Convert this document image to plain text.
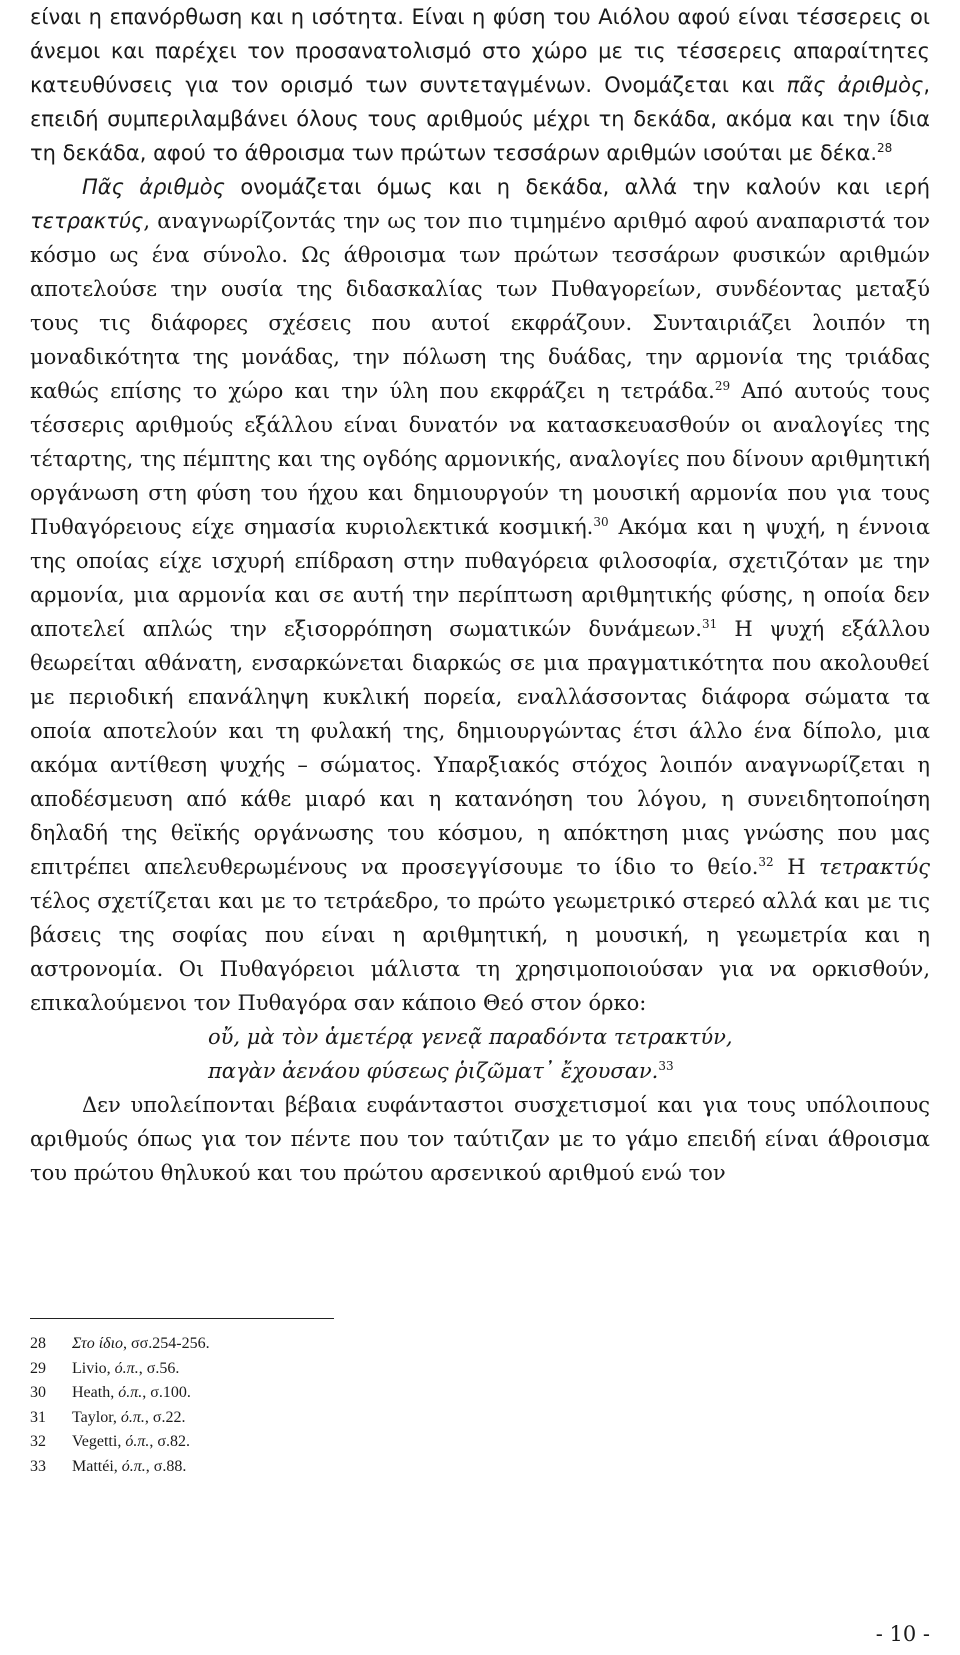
είναι η επανόρθωση και η ισότητα. Είναι η φύση του Αιόλου αφού είναι τέσσερεις οι άνεμοι και παρέχει τον προσανατολισμό στο χώρο με τις τέσσερεις απαραίτητες κατευθύνσεις για τον ορισμό των συντεταγμένων. Ονομάζεται και πᾶς ἀριθμὸς, επειδή συμπεριλαμβάνει όλους τους αριθμούς μέχρι τη δεκάδα, ακόμα και την ίδια τη δεκάδα, αφού το άθροισμα των πρώτων τεσσάρων αριθμών ισούται με δέκα.$^{28}$

Πᾶς ἀριθμὸς ονομάζεται όμως και η δεκάδα, αλλά την καλούν και ιερή τετρακτύς, αναγνωρίζοντάς την ως τον πιο τιμημένο αριθμό αφού αναπαριστά τον κόσμο ως ένα σύνολο. Ως άθροισμα των πρώτων τεσσάρων φυσικών αριθμών αποτελούσε την ουσία της διδασκαλίας των Πυθαγορείων, συνδέοντας μεταξύ τους τις διάφορες σχέσεις που αυτοί εκφράζουν. Συνταιριάζει λοιπόν τη μοναδικότητα της μονάδας, την πόλωση της δυάδας, την αρμονία της τριάδας καθώς επίσης το χώρο και την ύλη που εκφράζει η τετράδα.$^{29}$ Από αυτούς τους τέσσερις αριθμούς εξάλλου είναι δυνατόν να κατασκευασθούν οι αναλογίες της τέταρτης, της πέμπτης και της ογδόης αρμονικής, αναλογίες που δίνουν αριθμητική οργάνωση στη φύση του ήχου και δημιουργούν τη μουσική αρμονία που για τους Πυθαγόρειους είχε σημασία κυριολεκτικά κοσμική.$^{30}$ Ακόμα και η ψυχή, η έννοια της οποίας είχε ισχυρή επίδραση στην πυθαγόρεια φιλοσοφία, σχετιζόταν με την αρμονία, μια αρμονία και σε αυτή την περίπτωση αριθμητικής φύσης, η οποία δεν αποτελεί απλώς την εξισορρόπηση σωματικών δυνάμεων.$^{31}$ Η ψυχή εξάλλου θεωρείται αθάνατη, ενσαρκώνεται διαρκώς σε μια πραγματικότητα που ακολουθεί με περιοδική επανάληψη κυκλική πορεία, εναλλάσσοντας διάφορα σώματα τα οποία αποτελούν και τη φυλακή της, δημιουργώντας έτσι άλλο ένα δίπολο, μια ακόμα αντίθεση ψυχής – σώματος. Υπαρξιακός στόχος λοιπόν αναγνωρίζεται η αποδέσμευση από κάθε μιαρό και η κατανόηση του λόγου, η συνειδητοποίηση δηλαδή της θεϊκής οργάνωσης του κόσμου, η απόκτηση μιας γνώσης που μας επιτρέπει απελευθερωμένους να προσεγγίσουμε το ίδιο το θείο.$^{32}$ Η τετρακτύς τέλος σχετίζεται και με το τετράεδρο, το πρώτο γεωμετρικό στερεό αλλά και με τις βάσεις της σοφίας που είναι η αριθμητική, η μουσική, η γεωμετρία και η αστρονομία. Οι Πυθαγόρειοι μάλιστα τη χρησιμοποιούσαν για να ορκισθούν, επικαλούμενοι τον Πυθαγόρα σαν κάποιο Θεό στον όρκο:

οὔ, μὰ τὸν ἁμετέρᾳ γενεᾷ παραδόντα τετρακτύν,

παγὰν ἀενάου φύσεως ῥιζῶματ᾽ ἔχουσαν.$^{33}$

Δεν υπολείπονται βέβαια ευφάνταστοι συσχετισμοί και για τους υπόλοιπους αριθμούς όπως για τον πέντε που τον ταύτιζαν με το γάμο επειδή είναι άθροισμα του πρώτου θηλυκού και του πρώτου αρσενικού αριθμού ενώ τον

28	Στο ίδιο, σσ.254-256.
29	Livio, ό.π., σ.56.
30	Heath, ό.π., σ.100.
31	Taylor, ό.π., σ.22.
32	Vegetti, ό.π., σ.82.
33	Mattéi, ό.π., σ.88.
- 10 -
